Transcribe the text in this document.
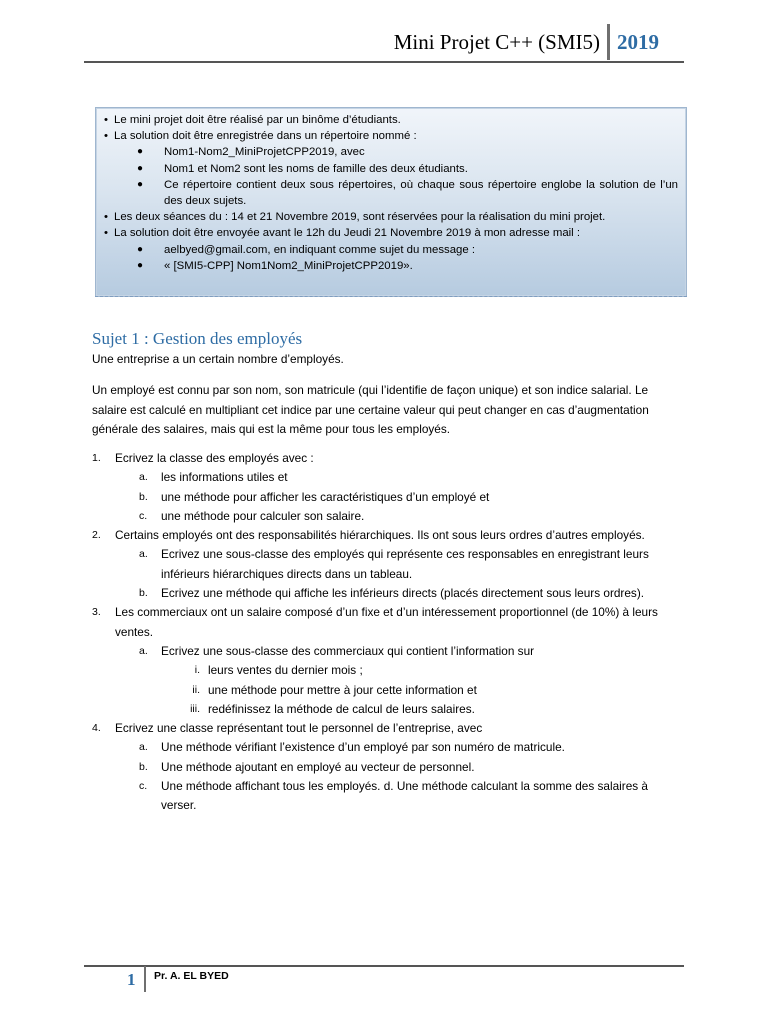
Mini Projet C++ (SMI5) 2019
• Le mini projet doit être réalisé par un binôme d’étudiants.
• La solution doit être enregistrée dans un répertoire nommé :
● Nom1-Nom2_MiniProjetCPP2019, avec
● Nom1 et Nom2 sont les noms de famille des deux étudiants.
● Ce répertoire contient deux sous répertoires, où chaque sous répertoire englobe la solution de l’un des deux sujets.
• Les deux séances du : 14 et 21 Novembre 2019, sont réservées pour la réalisation du mini projet.
• La solution doit être envoyée avant le 12h du Jeudi 21 Novembre 2019 à mon adresse mail :
● aelbyed@gmail.com, en indiquant comme sujet du message :
● « [SMI5-CPP] Nom1Nom2_MiniProjetCPP2019».
Sujet 1 : Gestion des employés
Une entreprise a un certain nombre d’employés.
Un employé est connu par son nom, son matricule (qui l’identifie de façon unique) et son indice salarial. Le salaire est calculé en multipliant cet indice par une certaine valeur qui peut changer en cas d’augmentation générale des salaires, mais qui est la même pour tous les employés.
1. Ecrivez la classe des employés avec :
a. les informations utiles et
b. une méthode pour afficher les caractéristiques d’un employé et
c. une méthode pour calculer son salaire.
2. Certains employés ont des responsabilités hiérarchiques. Ils ont sous leurs ordres d’autres employés.
a. Ecrivez une sous-classe des employés qui représente ces responsables en enregistrant leurs inférieurs hiérarchiques directs dans un tableau.
b. Ecrivez une méthode qui affiche les inférieurs directs (placés directement sous leurs ordres).
3. Les commerciaux ont un salaire composé d’un fixe et d’un intéressement proportionnel (de 10%) à leurs ventes.
a. Ecrivez une sous-classe des commerciaux qui contient l’information sur
i. leurs ventes du dernier mois ;
ii. une méthode pour mettre à jour cette information et
iii. redéfinissez la méthode de calcul de leurs salaires.
4. Ecrivez une classe représentant tout le personnel de l’entreprise, avec
a. Une méthode vérifiant l’existence d’un employé par son numéro de matricule.
b. Une méthode ajoutant en employé au vecteur de personnel.
c. Une méthode affichant tous les employés. d. Une méthode calculant la somme des salaires à verser.
1 Pr. A. EL BYED
